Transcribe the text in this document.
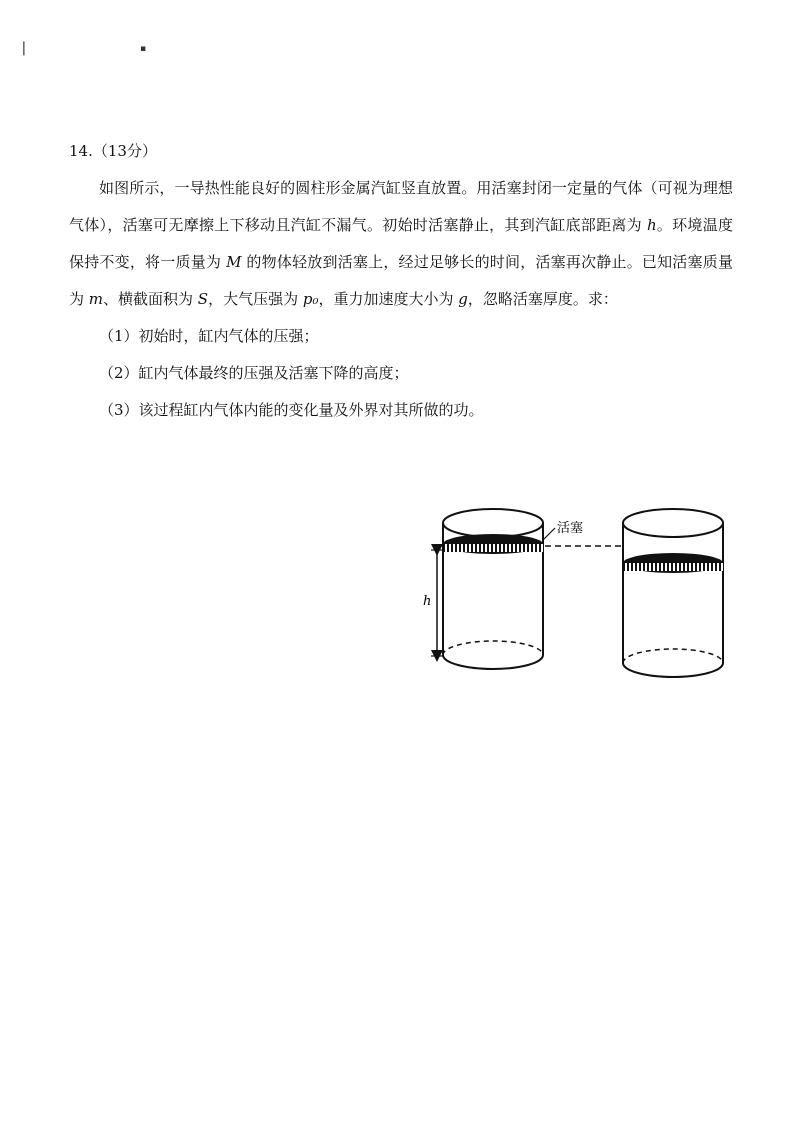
❘	▪

14.（13分）

如图所示，一导热性能良好的圆柱形金属汽缸竖直放置。用活塞封闭一定量的气体（可视为理想气体），活塞可无摩擦上下移动且汽缸不漏气。初始时活塞静止，其到汽缸底部距离为 h。环境温度保持不变，将一质量为 M 的物体轻放到活塞上，经过足够长的时间，活塞再次静止。已知活塞质量为 m、横截面积为 S，大气压强为 p₀，重力加速度大小为 g，忽略活塞厚度。求：

（1）初始时，缸内气体的压强；
（2）缸内气体最终的压强及活塞下降的高度；
（3）该过程缸内气体内能的变化量及外界对其所做的功。
活塞
h
